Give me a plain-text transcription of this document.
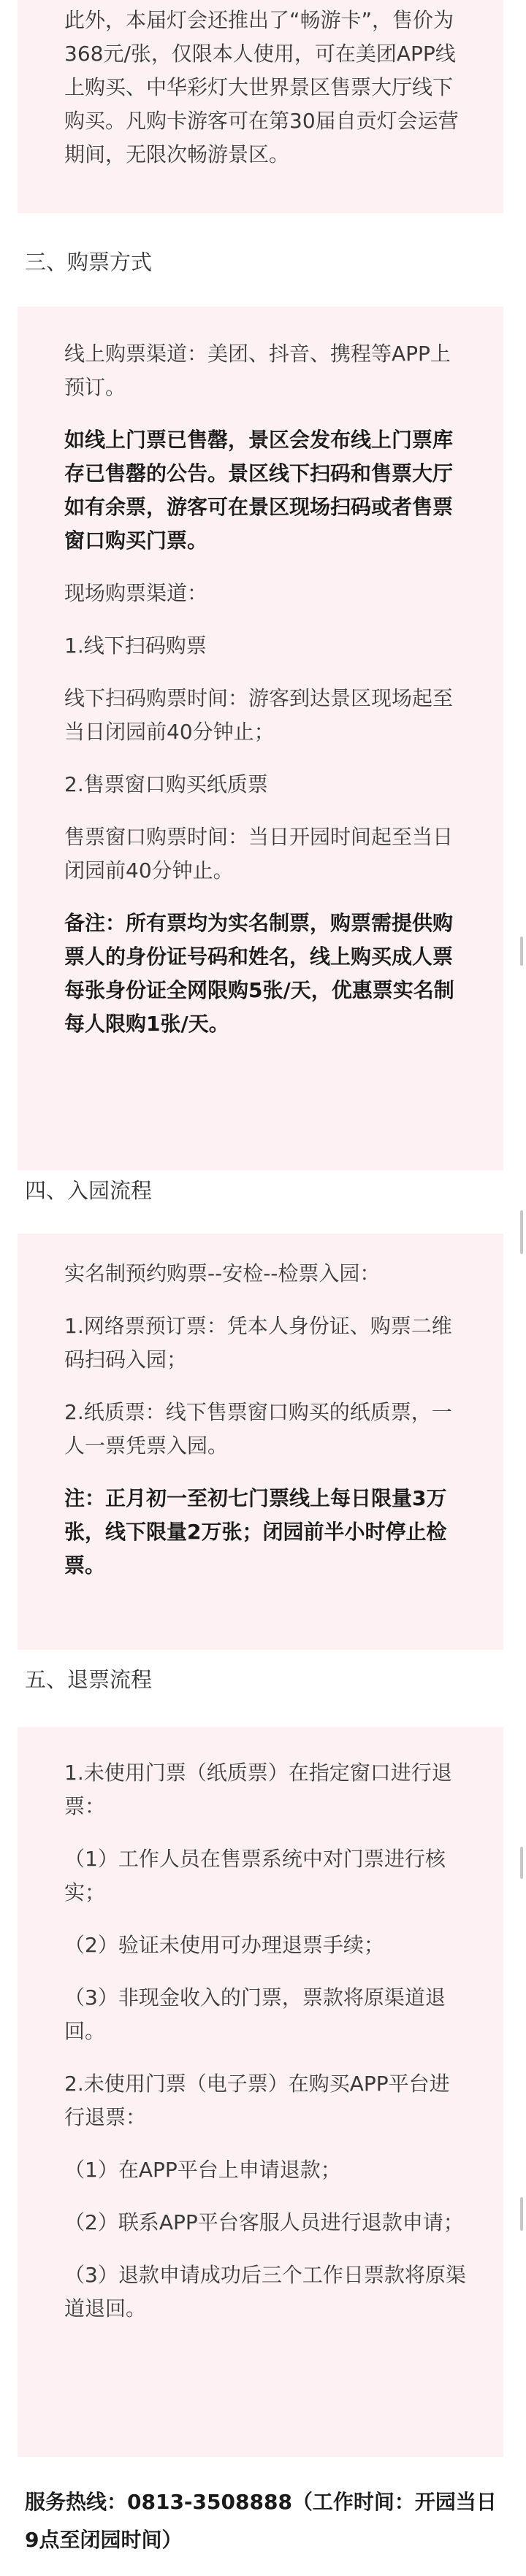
此外，本届灯会还推出了“畅游卡”，售价为368元/张，仅限本人使用，可在美团APP线上购买、中华彩灯大世界景区售票大厅线下购买。凡购卡游客可在第30届自贡灯会运营期间，无限次畅游景区。

三、购票方式

线上购票渠道：美团、抖音、携程等APP上预订。

如线上门票已售罄，景区会发布线上门票库存已售罄的公告。景区线下扫码和售票大厅如有余票，游客可在景区现场扫码或者售票窗口购买门票。

现场购票渠道：

1.线下扫码购票

线下扫码购票时间：游客到达景区现场起至当日闭园前40分钟止；

2.售票窗口购买纸质票

售票窗口购票时间：当日开园时间起至当日闭园前40分钟止。

备注：所有票均为实名制票，购票需提供购票人的身份证号码和姓名，线上购买成人票每张身份证全网限购5张/天，优惠票实名制每人限购1张/天。

四、入园流程

实名制预约购票--安检--检票入园：

1.网络票预订票：凭本人身份证、购票二维码扫码入园；

2.纸质票：线下售票窗口购买的纸质票，一人一票凭票入园。

注：正月初一至初七门票线上每日限量3万张，线下限量2万张；闭园前半小时停止检票。

五、退票流程

1.未使用门票（纸质票）在指定窗口进行退票：

（1）工作人员在售票系统中对门票进行核实；

（2）验证未使用可办理退票手续；

（3）非现金收入的门票，票款将原渠道退回。

2.未使用门票（电子票）在购买APP平台进行退票：

（1）在APP平台上申请退款；

（2）联系APP平台客服人员进行退款申请；

（3）退款申请成功后三个工作日票款将原渠道退回。

服务热线：0813-3508888（工作时间：开园当日9点至闭园时间）
